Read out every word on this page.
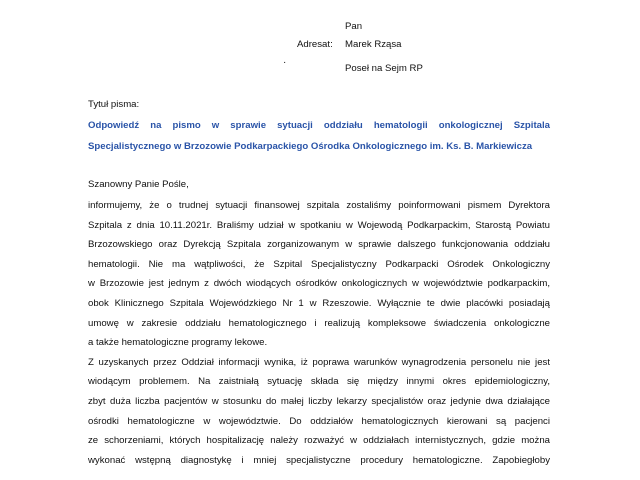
Pan
Adresat: Marek Rząsa
·
Poseł na Sejm RP
Tytuł pisma:
Odpowiedź na pismo w sprawie sytuacji oddziału hematologii onkologicznej Szpitala
Specjalistycznego w Brzozowie Podkarpackiego Ośrodka Onkologicznego im. Ks. B. Markiewicza
Szanowny Panie Pośle,
informujemy, że o trudnej sytuacji finansowej szpitala zostaliśmy poinformowani pismem Dyrektora
Szpitala z dnia 10.11.2021r. Braliśmy udział w spotkaniu w Wojewodą Podkarpackim, Starostą Powiatu
Brzozowskiego oraz Dyrekcją Szpitala zorganizowanym w sprawie dalszego funkcjonowania oddziału
hematologii. Nie ma wątpliwości, że Szpital Specjalistyczny Podkarpacki Ośrodek Onkologiczny
w Brzozowie jest jednym z dwóch wiodących ośrodków onkologicznych w województwie podkarpackim,
obok Klinicznego Szpitala Wojewódzkiego Nr 1 w Rzeszowie. Wyłącznie te dwie placówki posiadają
umowę w zakresie oddziału hematologicznego i realizują kompleksowe świadczenia onkologiczne
a także hematologiczne programy lekowe.
Z uzyskanych przez Oddział informacji wynika, iż poprawa warunków wynagrodzenia personelu nie jest
wiodącym problemem. Na zaistniałą sytuację składa się między innymi okres epidemiologiczny,
zbyt duża liczba pacjentów w stosunku do małej liczby lekarzy specjalistów oraz jedynie dwa działające
ośrodki hematologiczne w województwie. Do oddziałów hematologicznych kierowani są pacjenci
ze schorzeniami, których hospitalizację należy rozważyć w oddziałach internistycznych, gdzie można
wykonać wstępną diagnostykę i mniej specjalistyczne procedury hematologiczne. Zapobiegłoby
